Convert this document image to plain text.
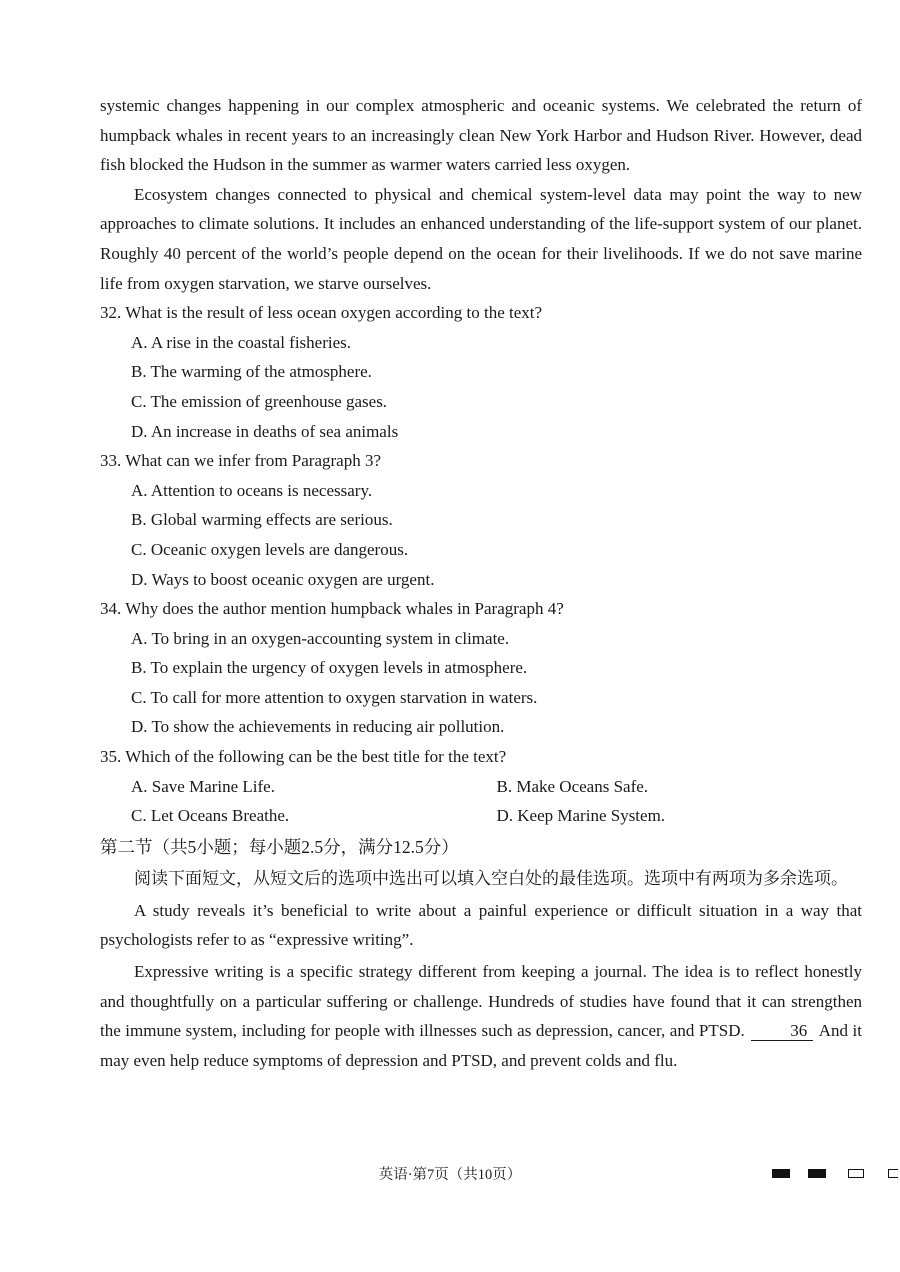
systemic changes happening in our complex atmospheric and oceanic systems. We celebrated the return of humpback whales in recent years to an increasingly clean New York Harbor and Hudson River. However, dead fish blocked the Hudson in the summer as warmer waters carried less oxygen.

Ecosystem changes connected to physical and chemical system-level data may point the way to new approaches to climate solutions. It includes an enhanced understanding of the life-support system of our planet. Roughly 40 percent of the world’s people depend on the ocean for their livelihoods. If we do not save marine life from oxygen starvation, we starve ourselves.

32. What is the result of less ocean oxygen according to the text?

A. A rise in the coastal fisheries.

B. The warming of the atmosphere.

C. The emission of greenhouse gases.

D. An increase in deaths of sea animals

33. What can we infer from Paragraph 3?

A. Attention to oceans is necessary.

B. Global warming effects are serious.

C. Oceanic oxygen levels are dangerous.

D. Ways to boost oceanic oxygen are urgent.

34. Why does the author mention humpback whales in Paragraph 4?

A. To bring in an oxygen-accounting system in climate.

B. To explain the urgency of oxygen levels in atmosphere.

C. To call for more attention to oxygen starvation in waters.

D. To show the achievements in reducing air pollution.

35. Which of the following can be the best title for the text?

A. Save Marine Life.	B. Make Oceans Safe.
C. Let Oceans Breathe.	D. Keep Marine System.

第二节（共5小题；每小题2.5分，满分12.5分）

阅读下面短文，从短文后的选项中选出可以填入空白处的最佳选项。选项中有两项为多余选项。

A study reveals it’s beneficial to write about a painful experience or difficult situation in a way that psychologists refer to as “expressive writing”.

Expressive writing is a specific strategy different from keeping a journal. The idea is to reflect honestly and thoughtfully on a particular suffering or challenge. Hundreds of studies have found that it can strengthen the immune system, including for people with illnesses such as depression, cancer, and PTSD.	36 And it may even help reduce symptoms of depression and PTSD, and prevent colds and flu.

英语·第7页（共10页）
